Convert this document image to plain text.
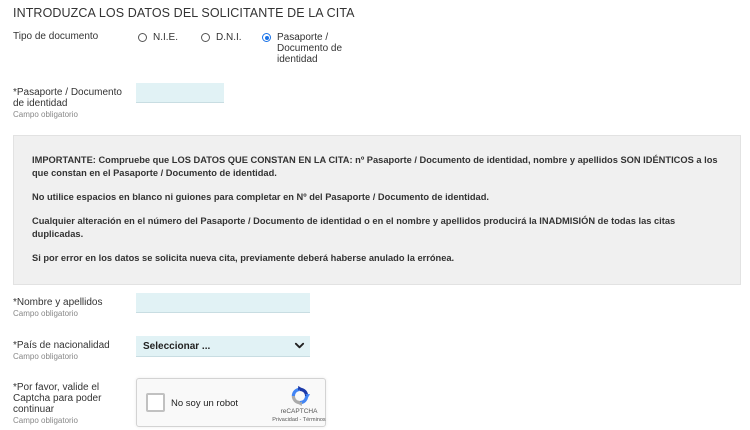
INTRODUZCA LOS DATOS DEL SOLICITANTE DE LA CITA
Tipo de documento	N.I.E.	D.N.I.	Pasaporte /
Documento de
identidad
*Pasaporte / Documento
de identidad
Campo obligatorio

IMPORTANTE: Compruebe que LOS DATOS QUE CONSTAN EN LA CITA: nº Pasaporte / Documento de identidad, nombre y apellidos SON IDÉNTICOS a los
que constan en el Pasaporte / Documento de identidad.

No utilice espacios en blanco ni guiones para completar en Nº del Pasaporte / Documento de identidad.

Cualquier alteración en el número del Pasaporte / Documento de identidad o en el nombre y apellidos producirá la INADMISIÓN de todas las citas
duplicadas.

Si por error en los datos se solicita nueva cita, previamente deberá haberse anulado la errónea.

*Nombre y apellidos
Campo obligatorio
*País de nacionalidad
Campo obligatorio
Seleccionar ...
*Por favor, valide el
Captcha para poder
continuar
Campo obligatorio
No soy un robot
reCAPTCHA
Privacidad - Términos
